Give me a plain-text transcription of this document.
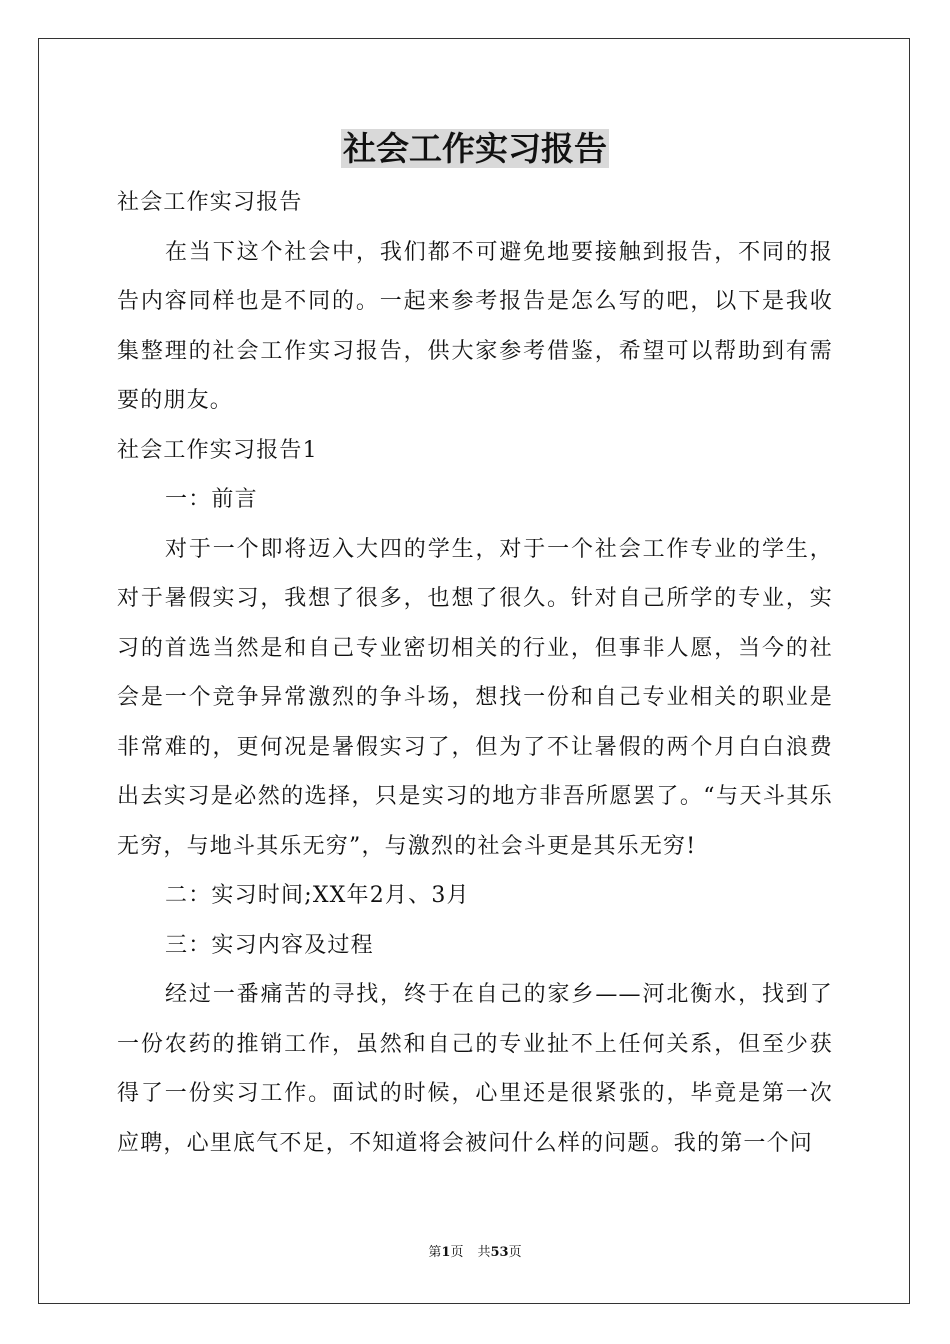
社会工作实习报告

社会工作实习报告

在当下这个社会中，我们都不可避免地要接触到报告，不同的报告内容同样也是不同的。一起来参考报告是怎么写的吧，以下是我收集整理的社会工作实习报告，供大家参考借鉴，希望可以帮助到有需要的朋友。

社会工作实习报告1

一：前言

对于一个即将迈入大四的学生，对于一个社会工作专业的学生，对于暑假实习，我想了很多，也想了很久。针对自己所学的专业，实习的首选当然是和自己专业密切相关的行业，但事非人愿，当今的社会是一个竞争异常激烈的争斗场，想找一份和自己专业相关的职业是非常难的，更何况是暑假实习了，但为了不让暑假的两个月白白浪费出去实习是必然的选择，只是实习的地方非吾所愿罢了。“与天斗其乐无穷，与地斗其乐无穷”，与激烈的社会斗更是其乐无穷!

二：实习时间;XX年2月、3月

三：实习内容及过程

经过一番痛苦的寻找，终于在自己的家乡——河北衡水，找到了一份农药的推销工作，虽然和自己的专业扯不上任何关系，但至少获得了一份实习工作。面试的时候，心里还是很紧张的，毕竟是第一次应聘，心里底气不足，不知道将会被问什么样的问题。我的第一个问

第1页 共53页
